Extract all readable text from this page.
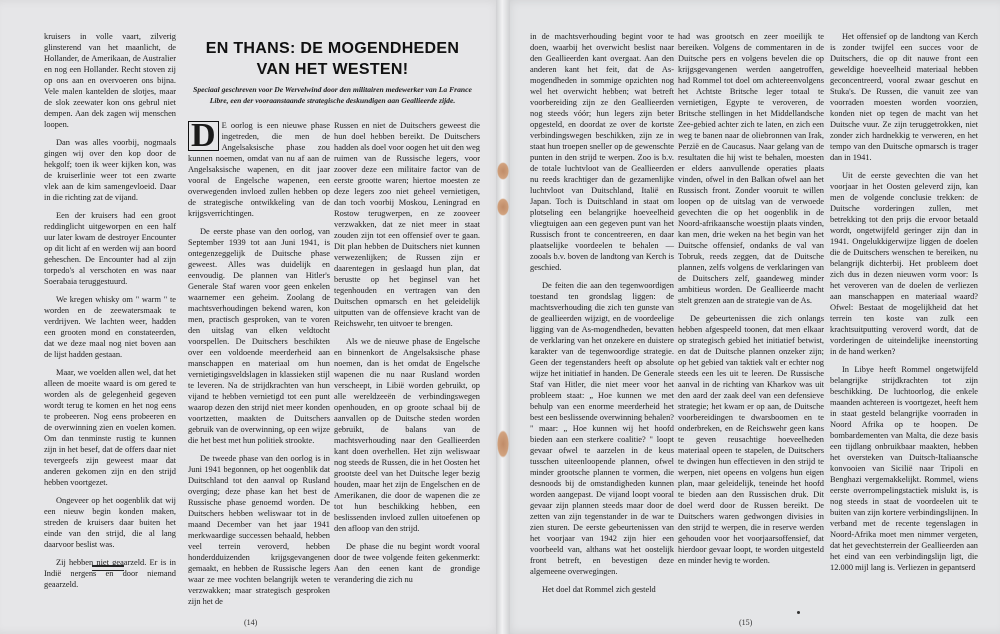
kruisers in volle vaart, zilverig glinsterend van het maanlicht, de Hollander, de Amerikaan, de Australier en nog een Hollander. Recht stoven zij op ons aan en overvoeren ons bijna. Vele malen kantelden de slotjes, maar de slok zeewater kon ons gebrul niet dempen. Aan dek zagen wij menschen loopen.

Dan was alles voorbij, nogmaals gingen wij over den kop door de hekgolf; toen ik weer kijken kon, was de kruiserlinie weer tot een zwarte vlek aan de kim samengevloeid. Daar in die richting zat de vijand.

Een der kruisers had een groot reddinglicht uitgeworpen en een half uur later kwam de destroyer Encounter op dit licht af en werden wij aan boord geheschen. De Encounter had al zijn torpedo's al verschoten en was naar Soerabaia teruggestuurd.

We kregen whisky om " warm " te worden en de zeewatersmaak te verdrijven. We lachten weer, hadden een grooten mond en constateerden, dat we deze maal nog niet boven aan de lijst hadden gestaan.

Maar, we voelden allen wel, dat het alleen de moeite waard is om gered te worden als de gelegenheid gegeven wordt terug te komen en het nog eens te probeeren. Nog eens probeeren en de overwinning zien en voelen komen. Om dan tenminste rustig te kunnen zijn in het besef, dat de offers daar niet tevergeefs zijn geweest maar dat anderen gekomen zijn en den strijd hebben voortgezet.

Ongeveer op het oogenblik dat wij een nieuw begin konden maken, streden de kruisers daar buiten het einde van den strijd, die al lang daarvoor beslist was.

Zij hebben niet geaarzeld. Er is in Indië nergens en door niemand geaarzeld.

EN THANS: DE MOGENDHEDEN
VAN HET WESTEN!
Speciaal geschreven voor De Wervelwind door den militairen medewerker van La France Libre, een der vooraanstaande strategische deskundigen aan Geallieerde zijde.

D E oorlog is een nieuwe phase ingetreden, die men de Angelsaksische phase zou kunnen noemen, omdat van nu af aan de Angelsaksische wapenen, en dit jaar vooral de Engelsche wapenen, een overwegenden invloed zullen hebben op de strategische ontwikkeling van de krijgsverrichtingen.

De eerste phase van den oorlog, van September 1939 tot aan Juni 1941, is ontegenzeggelijk de Duitsche phase geweest. Alles was duidelijk en eenvoudig. De plannen van Hitler's Generale Staf waren voor geen enkelen waarnemer een geheim. Zoolang de machtsverhoudingen bekend waren, kon men, practisch gesproken, van te voren den uitslag van elken veldtocht voorspellen. De Duitschers beschikten over een voldoende meerderheid aan manschappen en materiaal om hun vernietigingsveldslagen in klassieken stijl te leveren. Na de strijdkrachten van hun vijand te hebben vernietigd tot een punt waarop dezen den strijd niet meer konden voortzetten, maakten de Duitschers gebruik van de overwinning, op een wijze die het best met hun politiek strookte.

De tweede phase van den oorlog is in Juni 1941 begonnen, op het oogenblik dat Duitschland tot den aanval op Rusland overging; deze phase kan het best de Russische phase genoemd worden. De Duitschers hebben weliswaar tot in de maand December van het jaar 1941 merkwaardige successen behaald, hebben veel terrein veroverd, hebben honderdduizenden krijgsgevangenen gemaakt, en hebben de Russische legers waar ze mee vochten belangrijk weten te verzwakken; maar strategisch gesproken zijn het de

Russen en niet de Duitschers geweest die hun doel hebben bereikt. De Duitschers hadden als doel voor oogen het uit den weg ruimen van de Russische legers, voor zoover deze een militaire factor van de eerste grootte waren; hiertoe moesten ze deze legers zoo niet geheel vernietigen, dan toch voorbij Moskou, Leningrad en Rostow terugwerpen, en ze zooveer verzwakken, dat ze niet meer in staat zouden zijn tot een offensief over te gaan. Dit plan hebben de Duitschers niet kunnen verwezenlijken; de Russen zijn er daarentegen in geslaagd hun plan, dat berustte op het beginsel van het tegenhouden en vertragen van den Duitschen opmarsch en het geleidelijk uitputten van de offensieve kracht van de Reichswehr, ten uitvoer te brengen.

Als we de nieuwe phase de Engelsche en binnenkort de Angelsaksische phase noemen, dan is het omdat de Engelsche wapenen die nu naar Rusland worden verscheept, in Libië worden gebruikt, op alle wereldzeeën de verbindingswegen openhouden, en op groote schaal bij de aanvallen op de Duitsche steden worden gebruikt, de balans van de machtsverhouding naar den Geallieerden kant doen overhellen. Het zijn weliswaar nog steeds de Russen, die in het Oosten het grootste deel van het Duitsche leger bezig houden, maar het zijn de Engelschen en de Amerikanen, die door de wapenen die ze tot hun beschikking hebben, een beslissenden invloed zullen uitoefenen op den afloop van den strijd.

De phase die nu begint wordt vooral door de twee volgende feiten gekenmerkt: Aan den eenen kant de grondige verandering die zich nu

(14)

in de machtsverhouding begint voor te doen, waarbij het overwicht beslist naar den Geallieerden kant overgaat. Aan den anderen kant het feit, dat de As-mogendheden in sommige opzichten nog wel het overwicht hebben; wat betreft voorbereiding zijn ze den Geallieerden nog steeds vóór; hun legers zijn beter opgesteld, en doordat ze over de kortste verbindingswegen beschikken, zijn ze in staat hun troepen sneller op de gewenschte punten in den strijd te werpen. Zoo is b.v. de totale luchtvloot van de Geallieerden nu reeds krachtiger dan de gezamenlijke luchtvloot van Duitschland, Italië en Japan. Toch is Duitschland in staat om plotseling een belangrijke hoeveelheid vliegtuigen aan een gegeven punt van het Russisch front te concentreeren, en daar plaatselijke voordeelen te behalen — zooals b.v. boven de landtong van Kerch is geschied.

De feiten die aan den tegenwoordigen toestand ten grondslag liggen: de machtsverhouding die zich ten gunste van de geallieerden wijzigt, en de voordeelige ligging van de As-mogendheden, bevatten de verklaring van het onzekere en duistere karakter van de tegenwoordige strategie. Geen der tegenstanders heeft op absolute wijze het initiatief in handen. De Generale Staf van Hitler, die niet meer voor het probleem staat: „ Hoe kunnen we met behulp van een enorme meerderheid het best een beslissende overwinning behalen? " maar: „ Hoe kunnen wij het hoofd bieden aan een sterkere coalitie? " loopt gevaar ofwel te aarzelen in de keus tusschen uiteenloopende plannen, ofwel minder grootsche plannen te vormen, die desnoods bij de omstandigheden kunnen worden aangepast. De vijand loopt vooral gevaar zijn plannen steeds maar door de zetten van zijn tegenstander in de war te zien sturen. De eerste gebeurtenissen van het voorjaar van 1942 zijn hier een voorbeeld van, althans wat het oostelijk front betreft, en bevestigen deze algemeene overwegingen.

Het doel dat Rommel zich gesteld

had was grootsch en zeer moeilijk te bereiken. Volgens de commentaren in de Duitsche pers en volgens bevelen die op krijgsgevangenen werden aangetroffen, had Rommel tot doel om achtereenvolgens het Achtste Britsche leger totaal te vernietigen, Egypte te veroveren, de Britsche stellingen in het Middellandsche Zee-gebied achter zich te laten, en zich een weg te banen naar de oliebronnen van Irak, Perzië en de Caucasus. Naar gelang van de resultaten die hij wist te behalen, moesten er elders aanvullende operaties plaats vinden, ofwel in den Balkan ofwel aan het Russisch front. Zonder vooruit te willen loopen op de uitslag van de verwoede gevechten die op het oogenblik in de Noord-afrikaansche woestijn plaats vinden, kan men, drie weken na het begin van het Duitsche offensief, ondanks de val van Tobruk, reeds zeggen, dat de Duitsche plannen, zelfs volgens de verklaringen van de Duitschers zelf, gaandeweg minder ambitieus worden. De Geallieerde macht stelt grenzen aan de strategie van de As.

De gebeurtenissen die zich onlangs hebben afgespeeld toonen, dat men elkaar op strategisch gebied het initiatief betwist, en dat de Duitsche plannen onzeker zijn; op het gebied van taktiek valt er echter nog steeds een les uit te leeren. De Russische aanval in de richting van Kharkov was uit den aard der zaak deel van een defensieve strategie; het kwam er op aan, de Duitsche voorbereidingen te dwarsboomen en te onderbreken, en de Reichswehr geen kans te geven reusachtige hoeveelheden materiaal opeen te stapelen, de Duitschers te dwingen hun effectieven in den strijd te werpen, niet opeens en volgens hun eigen plan, maar geleidelijk, teneinde het hoofd te bieden aan den Russischen druk. Dit doel werd door de Russen bereikt. De Duitschers waren gedwongen divisies in den strijd te werpen, die in reserve werden gehouden voor het voorjaarsoffensief, dat hierdoor gevaar loopt, te worden uitgesteld en minder hevig te worden.

Het offensief op de landtong van Kerch is zonder twijfel een succes voor de Duitschers, die op dit nauwe front een geweldige hoeveelheid materiaal hebben geconcentreerd, vooral zwaar geschut en Stuka's. De Russen, die vanuit zee van voorraden moesten worden voorzien, konden niet op tegen de macht van het Duitsche vuur. Ze zijn teruggetrokken, niet zonder zich hardnekkig te verweren, en het tempo van den Duitsche opmarsch is trager dan in 1941.

Uit de eerste gevechten die van het voorjaar in het Oosten geleverd zijn, kan men de volgende conclusie trekken: de Duitsche vorderingen zullen, met betrekking tot den prijs die ervoor betaald wordt, ongetwijfeld geringer zijn dan in 1941. Ongelukkigerwijze liggen de doelen die de Duitschers wenschen te bereiken, nu belangrijk dichterbij. Het probleem doet zich dus in dezen nieuwen vorm voor: Is het veroveren van de doelen de verliezen aan manschappen en materiaal waard? Ofwel: Bestaat de mogelijkheid dat het terrein ten koste van zulk een krachtsuitputting veroverd wordt, dat de vorderingen de uiteindelijke ineenstorting in de hand werken?

In Libye heeft Rommel ongetwijfeld belangrijke strijdkrachten tot zijn beschikking. De luchtoorlog, die enkele maanden achtereen is voortgezet, heeft hem in staat gesteld belangrijke voorraden in Noord Afrika op te hoopen. De bombardementen van Malta, die deze basis een tijdlang onbruikbaar maakten, hebben het oversteken van Duitsch-Italiaansche konvooien van Sicilië naar Tripoli en Benghazi vergemakkelijkt. Rommel, wiens eerste overrompelingstactiek mislukt is, is nog steeds in staat de voordeelen uit te buiten van zijn kortere verbindingslijnen. In verband met de recente tegenslagen in Noord-Afrika moet men nimmer vergeten, dat het gevechtsterrein der Geallieerden aan het eind van een verbindingslijn ligt, die 12.000 mijl lang is. Verliezen in gepantserd

(15)
